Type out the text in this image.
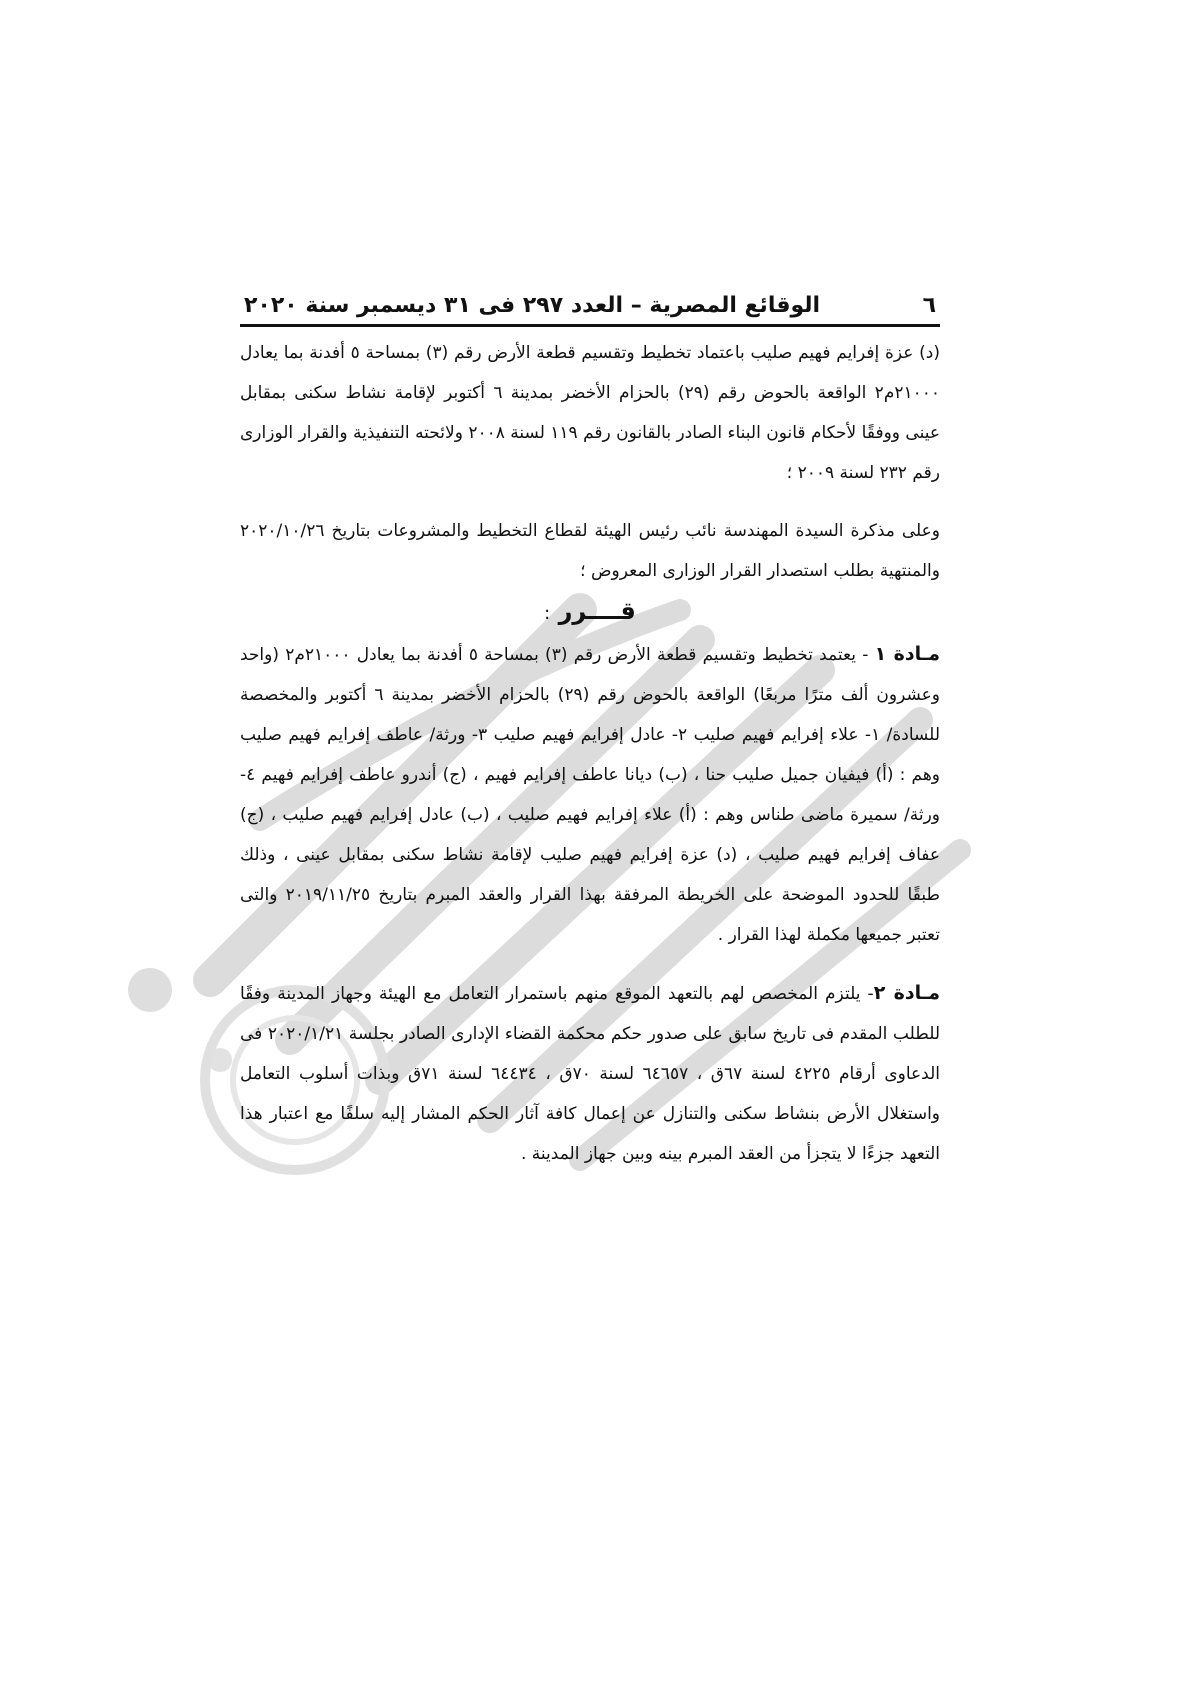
٦
الوقائع المصرية – العدد ٢٩٧ فى ٣١ ديسمبر سنة ٢٠٢٠

(د) عزة إفرايم فهيم صليب باعتماد تخطيط وتقسيم قطعة الأرض رقم (٣) بمساحة ٥ أفدنة بما يعادل ٢١٠٠٠م٢ الواقعة بالحوض رقم (٢٩) بالحزام الأخضر بمدينة ٦ أكتوبر لإقامة نشاط سكنى بمقابل عينى ووفقًا لأحكام قانون البناء الصادر بالقانون رقم ١١٩ لسنة ٢٠٠٨ ولائحته التنفيذية والقرار الوزارى رقم ٢٣٢ لسنة ٢٠٠٩ ؛

وعلى مذكرة السيدة المهندسة نائب رئيس الهيئة لقطاع التخطيط والمشروعات بتاريخ ٢٠٢٠/١٠/٢٦ والمنتهية بطلب استصدار القرار الوزارى المعروض ؛

قــــرر :

مـادة ١ - يعتمد تخطيط وتقسيم قطعة الأرض رقم (٣) بمساحة ٥ أفدنة بما يعادل ٢١٠٠٠م٢ (واحد وعشرون ألف مترًا مربعًا) الواقعة بالحوض رقم (٢٩) بالحزام الأخضر بمدينة ٦ أكتوبر والمخصصة للسادة/ ١- علاء إفرايم فهيم صليب ٢- عادل إفرايم فهيم صليب ٣- ورثة/ عاطف إفرايم فهيم صليب وهم : (أ) فيفيان جميل صليب حنا ، (ب) ديانا عاطف إفرايم فهيم ، (ج) أندرو عاطف إفرايم فهيم ٤- ورثة/ سميرة ماضى طناس وهم : (أ) علاء إفرايم فهيم صليب ، (ب) عادل إفرايم فهيم صليب ، (ج) عفاف إفرايم فهيم صليب ، (د) عزة إفرايم فهيم صليب لإقامة نشاط سكنى بمقابل عينى ، وذلك طبقًا للحدود الموضحة على الخريطة المرفقة بهذا القرار والعقد المبرم بتاريخ ٢٠١٩/١١/٢٥ والتى تعتبر جميعها مكملة لهذا القرار .

مـادة ٢- يلتزم المخصص لهم بالتعهد الموقع منهم باستمرار التعامل مع الهيئة وجهاز المدينة وفقًا للطلب المقدم فى تاريخ سابق على صدور حكم محكمة القضاء الإدارى الصادر بجلسة ٢٠٢٠/١/٢١ فى الدعاوى أرقام ٤٢٢٥ لسنة ٦٧ق ، ٦٤٦٥٧ لسنة ٧٠ق ، ٦٤٤٣٤ لسنة ٧١ق وبذات أسلوب التعامل واستغلال الأرض بنشاط سكنى والتنازل عن إعمال كافة آثار الحكم المشار إليه سلفًا مع اعتبار هذا التعهد جزءًا لا يتجزأ من العقد المبرم بينه وبين جهاز المدينة .
